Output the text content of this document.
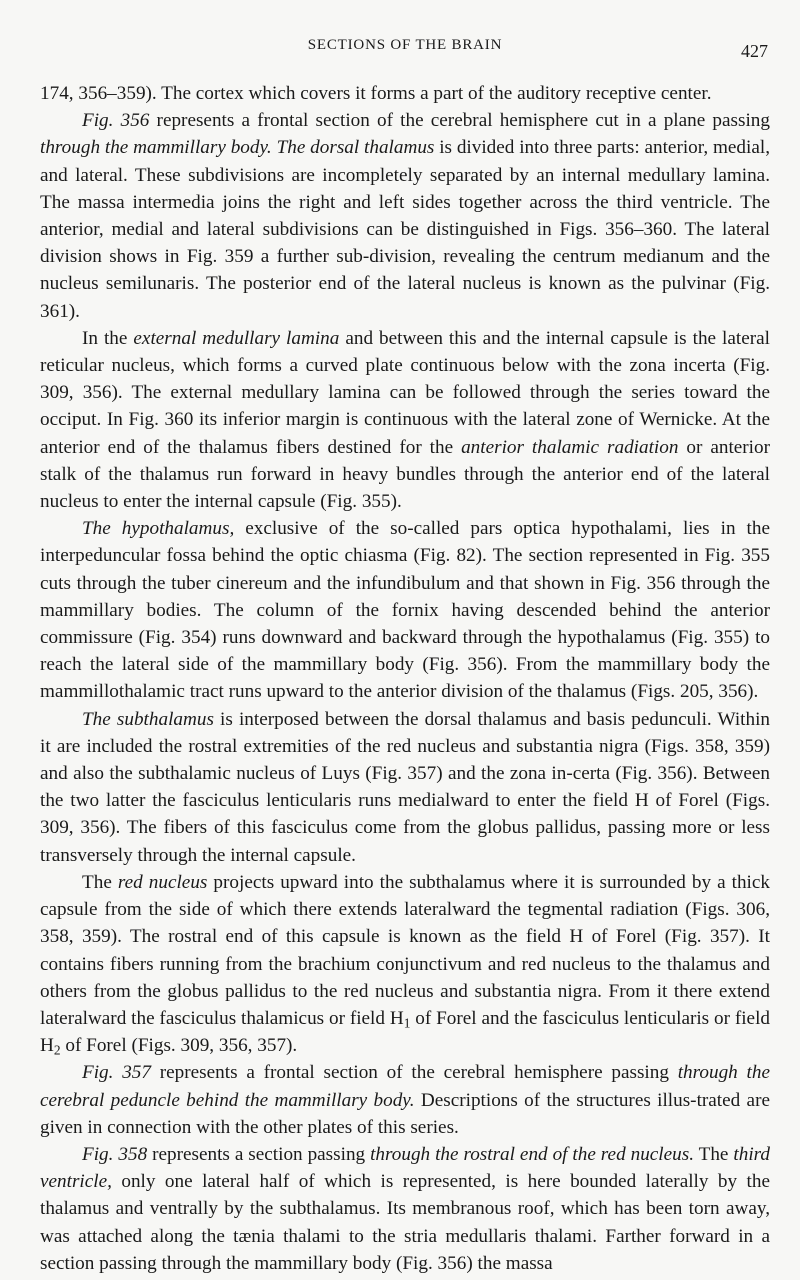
SECTIONS OF THE BRAIN	427

174, 356–359). The cortex which covers it forms a part of the auditory receptive center.

Fig. 356 represents a frontal section of the cerebral hemisphere cut in a plane passing through the mammillary body. The dorsal thalamus is divided into three parts: anterior, medial, and lateral. These subdivisions are incompletely separated by an internal medullary lamina. The massa intermedia joins the right and left sides together across the third ventricle. The anterior, medial and lateral subdivisions can be distinguished in Figs. 356–360. The lateral division shows in Fig. 359 a further sub-division, revealing the centrum medianum and the nucleus semilunaris. The posterior end of the lateral nucleus is known as the pulvinar (Fig. 361).

In the external medullary lamina and between this and the internal capsule is the lateral reticular nucleus, which forms a curved plate continuous below with the zona incerta (Fig. 309, 356). The external medullary lamina can be followed through the series toward the occiput. In Fig. 360 its inferior margin is continuous with the lateral zone of Wernicke. At the anterior end of the thalamus fibers destined for the anterior thalamic radiation or anterior stalk of the thalamus run forward in heavy bundles through the anterior end of the lateral nucleus to enter the internal capsule (Fig. 355).

The hypothalamus, exclusive of the so-called pars optica hypothalami, lies in the interpeduncular fossa behind the optic chiasma (Fig. 82). The section represented in Fig. 355 cuts through the tuber cinereum and the infundibulum and that shown in Fig. 356 through the mammillary bodies. The column of the fornix having descended behind the anterior commissure (Fig. 354) runs downward and backward through the hypothalamus (Fig. 355) to reach the lateral side of the mammillary body (Fig. 356). From the mammillary body the mammillothalamic tract runs upward to the anterior division of the thalamus (Figs. 205, 356).

The subthalamus is interposed between the dorsal thalamus and basis pedunculi. Within it are included the rostral extremities of the red nucleus and substantia nigra (Figs. 358, 359) and also the subthalamic nucleus of Luys (Fig. 357) and the zona in-certa (Fig. 356). Between the two latter the fasciculus lenticularis runs medialward to enter the field H of Forel (Figs. 309, 356). The fibers of this fasciculus come from the globus pallidus, passing more or less transversely through the internal capsule.

The red nucleus projects upward into the subthalamus where it is surrounded by a thick capsule from the side of which there extends lateralward the tegmental radiation (Figs. 306, 358, 359). The rostral end of this capsule is known as the field H of Forel (Fig. 357). It contains fibers running from the brachium conjunctivum and red nucleus to the thalamus and others from the globus pallidus to the red nucleus and substantia nigra. From it there extend lateralward the fasciculus thalamicus or field $H_1$ of Forel and the fasciculus lenticularis or field $H_2$ of Forel (Figs. 309, 356, 357).

Fig. 357 represents a frontal section of the cerebral hemisphere passing through the cerebral peduncle behind the mammillary body. Descriptions of the structures illus-trated are given in connection with the other plates of this series.

Fig. 358 represents a section passing through the rostral end of the red nucleus. The third ventricle, only one lateral half of which is represented, is here bounded laterally by the thalamus and ventrally by the subthalamus. Its membranous roof, which has been torn away, was attached along the tænia thalami to the stria medullaris thalami. Farther forward in a section passing through the mammillary body (Fig. 356) the massa
